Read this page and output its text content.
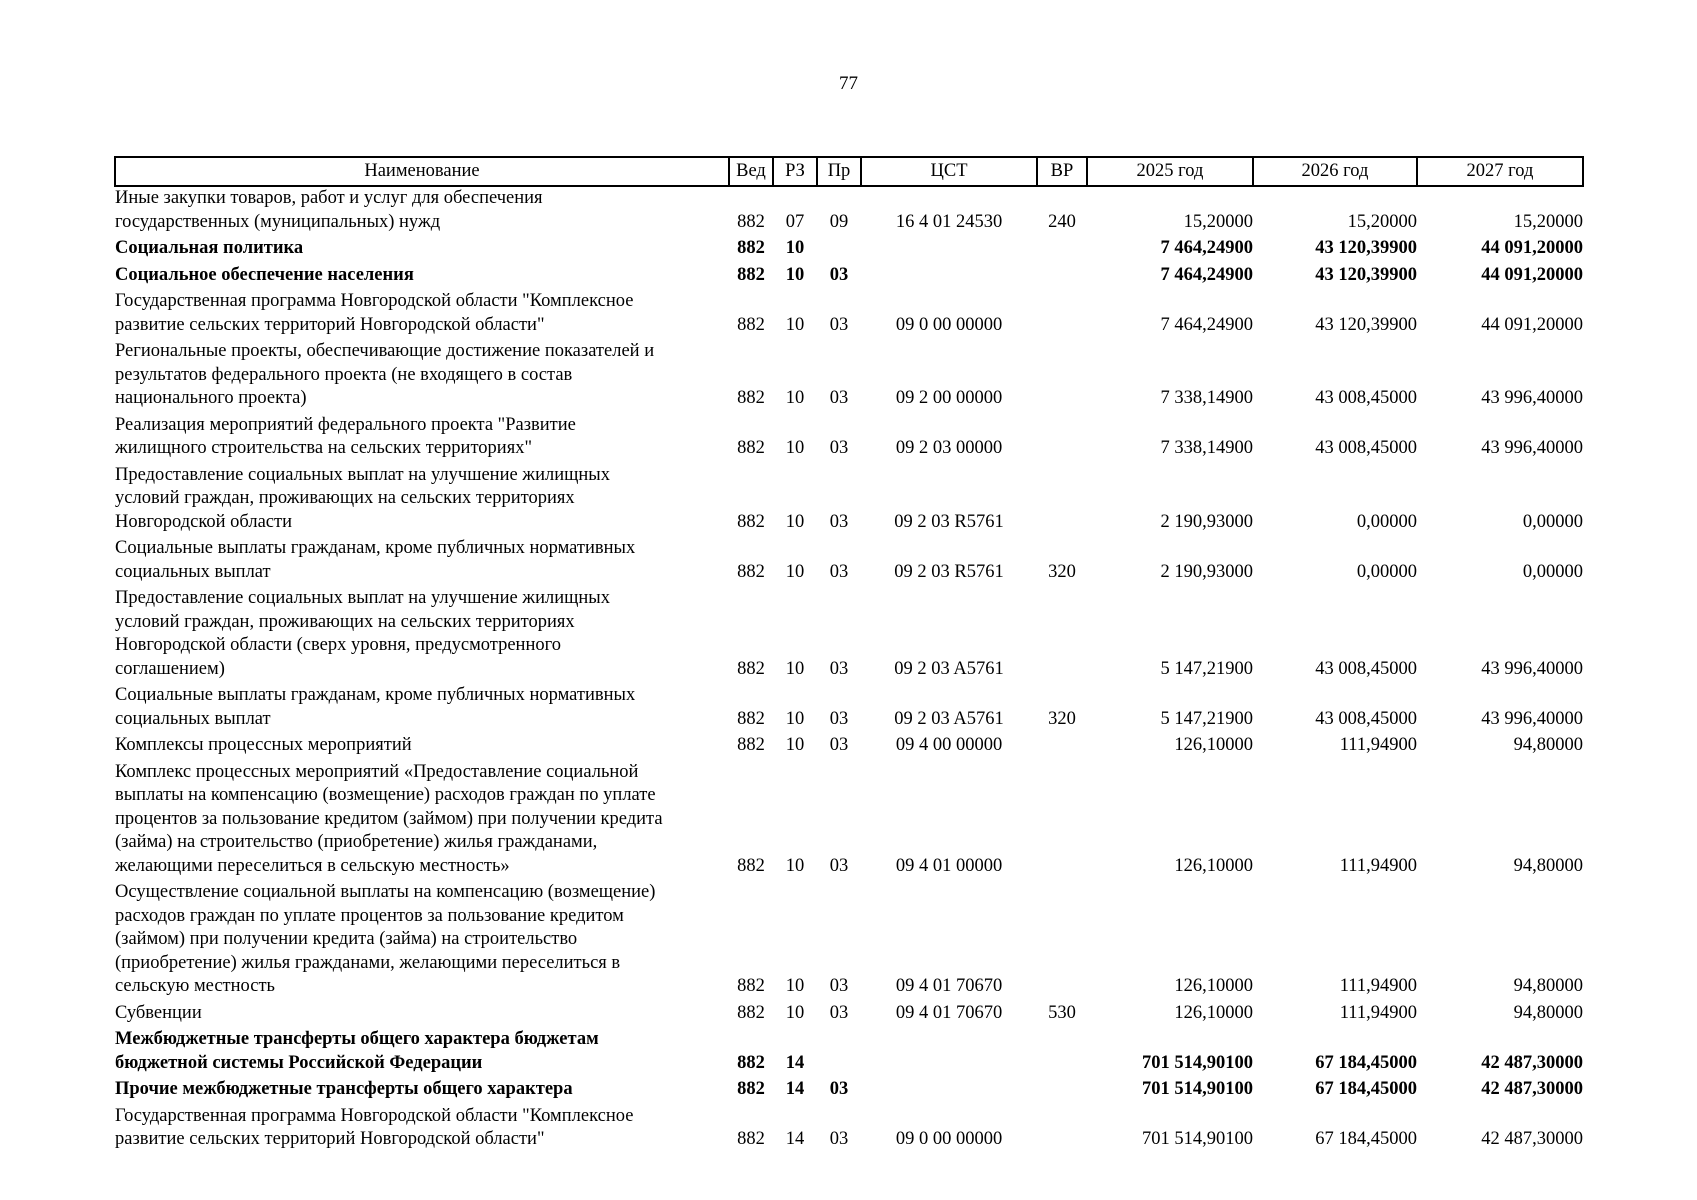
77
Наименование	Вед	РЗ	Пр	ЦСТ	ВР	2025 год	2026 год	2027 год

Иные закупки товаров, работ и услуг для обеспечения
государственных (муниципальных) нужд	882	07	09	16 4 01 24530	240	15,20000	15,20000	15,20000

Социальная политика	882	10				7 464,24900	43 120,39900	44 091,20000

Социальное обеспечение населения	882	10	03			7 464,24900	43 120,39900	44 091,20000

Государственная программа Новгородской области "Комплексное
развитие сельских территорий Новгородской области"	882	10	03	09 0 00 00000		7 464,24900	43 120,39900	44 091,20000

Региональные проекты, обеспечивающие достижение показателей и
результатов федерального проекта (не входящего в состав
национального проекта)	882	10	03	09 2 00 00000		7 338,14900	43 008,45000	43 996,40000

Реализация мероприятий федерального проекта "Развитие
жилищного строительства на сельских территориях"	882	10	03	09 2 03 00000		7 338,14900	43 008,45000	43 996,40000

Предоставление социальных выплат на улучшение жилищных
условий граждан, проживающих на сельских территориях
Новгородской области	882	10	03	09 2 03 R5761		2 190,93000	0,00000	0,00000

Социальные выплаты гражданам, кроме публичных нормативных
социальных выплат	882	10	03	09 2 03 R5761	320	2 190,93000	0,00000	0,00000

Предоставление социальных выплат на улучшение жилищных
условий граждан, проживающих на сельских территориях
Новгородской области (сверх уровня, предусмотренного
соглашением)	882	10	03	09 2 03 A5761		5 147,21900	43 008,45000	43 996,40000

Социальные выплаты гражданам, кроме публичных нормативных
социальных выплат	882	10	03	09 2 03 A5761	320	5 147,21900	43 008,45000	43 996,40000

Комплексы процессных мероприятий	882	10	03	09 4 00 00000		126,10000	111,94900	94,80000

Комплекс процессных мероприятий «Предоставление социальной
выплаты на компенсацию (возмещение) расходов граждан по уплате
процентов за пользование кредитом (займом) при получении кредита
(займа) на строительство (приобретение) жилья гражданами,
желающими переселиться в сельскую местность»	882	10	03	09 4 01 00000		126,10000	111,94900	94,80000

Осуществление социальной выплаты на компенсацию (возмещение)
расходов граждан по уплате процентов за пользование кредитом
(займом) при получении кредита (займа) на строительство
(приобретение) жилья гражданами, желающими переселиться в
сельскую местность	882	10	03	09 4 01 70670		126,10000	111,94900	94,80000

Субвенции	882	10	03	09 4 01 70670	530	126,10000	111,94900	94,80000

Межбюджетные трансферты общего характера бюджетам
бюджетной системы Российской Федерации	882	14				701 514,90100	67 184,45000	42 487,30000

Прочие межбюджетные трансферты общего характера	882	14	03			701 514,90100	67 184,45000	42 487,30000

Государственная программа Новгородской области "Комплексное
развитие сельских территорий Новгородской области"	882	14	03	09 0 00 00000		701 514,90100	67 184,45000	42 487,30000
